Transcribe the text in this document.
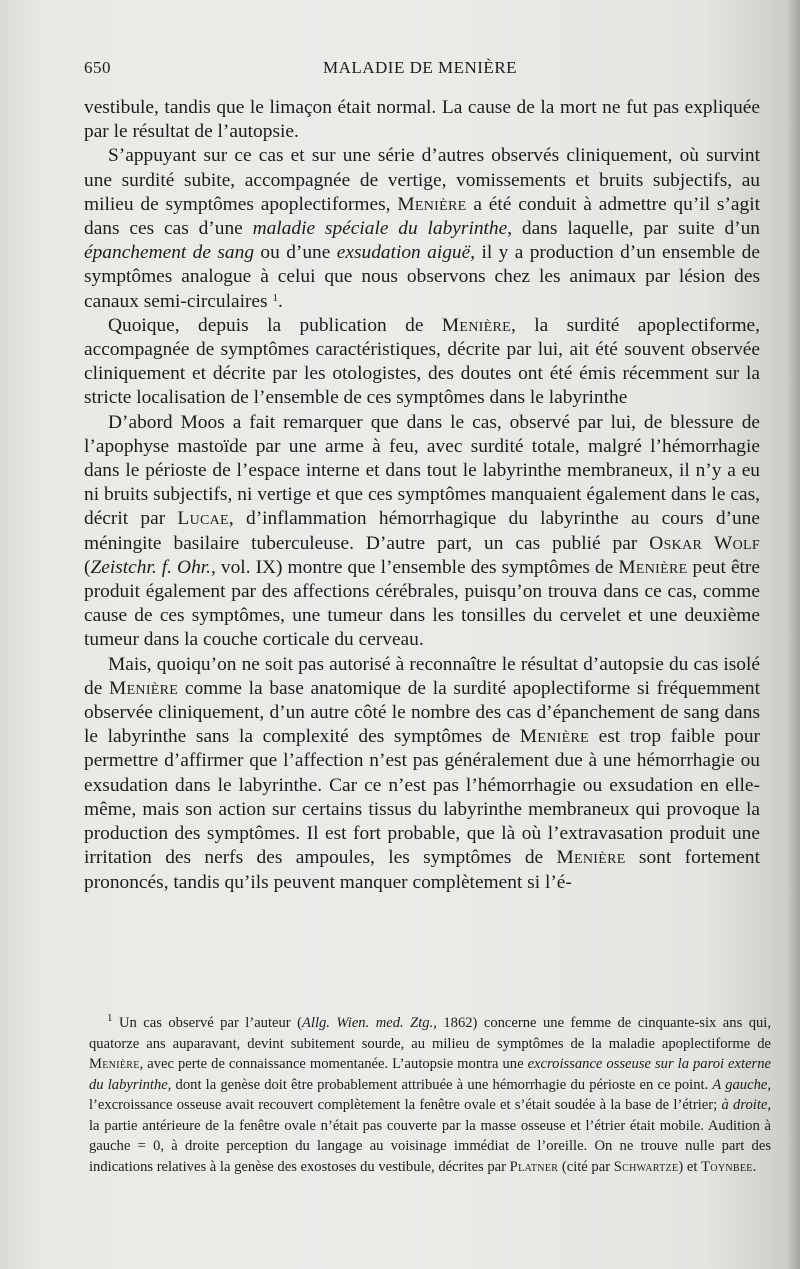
650	MALADIE DE MENIÈRE

vestibule, tandis que le limaçon était normal. La cause de la mort ne fut pas expliquée par le résultat de l’autopsie.

S’appuyant sur ce cas et sur une série d’autres observés cliniquement, où survint une surdité subite, accompagnée de vertige, vomissements et bruits subjectifs, au milieu de symptômes apoplectiformes, Menière a été conduit à admettre qu’il s’agit dans ces cas d’une maladie spéciale du labyrinthe, dans laquelle, par suite d’un épanchement de sang ou d’une exsudation aiguë, il y a production d’un ensemble de symptômes analogue à celui que nous observons chez les animaux par lésion des canaux semi-circulaires $^1$.

Quoique, depuis la publication de Menière, la surdité apoplectiforme, accompagnée de symptômes caractéristiques, décrite par lui, ait été souvent observée cliniquement et décrite par les otologistes, des doutes ont été émis récemment sur la stricte localisation de l’ensemble de ces symptômes dans le labyrinthe

D’abord Moos a fait remarquer que dans le cas, observé par lui, de blessure de l’apophyse mastoïde par une arme à feu, avec surdité totale, malgré l’hémorrhagie dans le périoste de l’espace interne et dans tout le labyrinthe membraneux, il n’y a eu ni bruits subjectifs, ni vertige et que ces symptômes manquaient également dans le cas, décrit par Lucae, d’inflammation hémorrhagique du labyrinthe au cours d’une méningite basilaire tuberculeuse. D’autre part, un cas publié par Oskar Wolf (Zeistchr. f. Ohr., vol. IX) montre que l’ensemble des symptômes de Menière peut être produit également par des affections cérébrales, puisqu’on trouva dans ce cas, comme cause de ces symptômes, une tumeur dans les tonsilles du cervelet et une deuxième tumeur dans la couche corticale du cerveau.

Mais, quoiqu’on ne soit pas autorisé à reconnaître le résultat d’autopsie du cas isolé de Menière comme la base anatomique de la surdité apoplectiforme si fréquemment observée cliniquement, d’un autre côté le nombre des cas d’épanchement de sang dans le labyrinthe sans la complexité des symptômes de Menière est trop faible pour permettre d’affirmer que l’affection n’est pas généralement due à une hémorrhagie ou exsudation dans le labyrinthe. Car ce n’est pas l’hémorrhagie ou exsudation en elle-même, mais son action sur certains tissus du labyrinthe membraneux qui provoque la production des symptômes. Il est fort probable, que là où l’extravasation produit une irritation des nerfs des ampoules, les symptômes de Menière sont fortement prononcés, tandis qu’ils peuvent manquer complètement si l’é-

$^1$ Un cas observé par l’auteur (Allg. Wien. med. Ztg., 1862) concerne une femme de cinquante-six ans qui, quatorze ans auparavant, devint subitement sourde, au milieu de symptômes de la maladie apoplectiforme de Menière, avec perte de connaissance momentanée. L’autopsie montra une excroissance osseuse sur la paroi externe du labyrinthe, dont la genèse doit être probablement attribuée à une hémorrhagie du périoste en ce point. A gauche, l’excroissance osseuse avait recouvert complètement la fenêtre ovale et s’était soudée à la base de l’étrier; à droite, la partie antérieure de la fenêtre ovale n’était pas couverte par la masse osseuse et l’étrier était mobile. Audition à gauche = 0, à droite perception du langage au voisinage immédiat de l’oreille. On ne trouve nulle part des indications relatives à la genèse des exostoses du vestibule, décrites par Platner (cité par Schwartze) et Toynbee.
